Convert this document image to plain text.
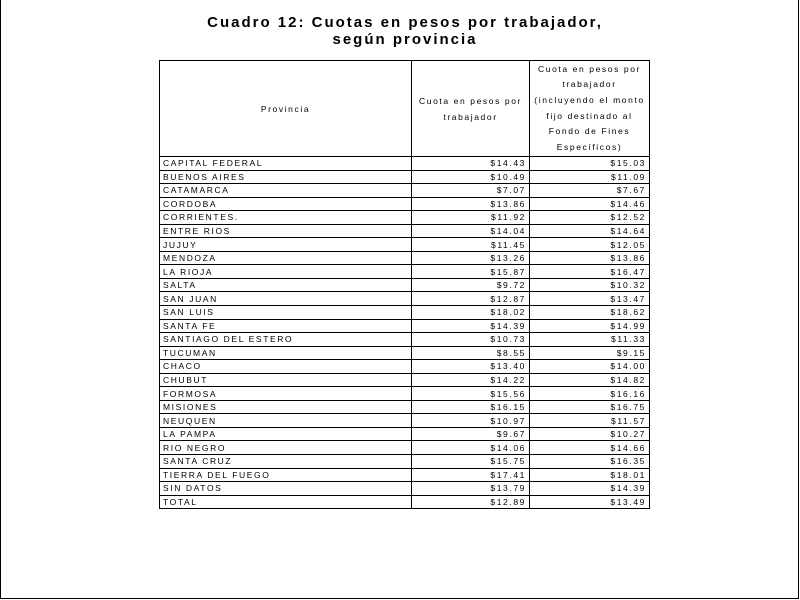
Cuadro 12: Cuotas en pesos por trabajador,
según provincia
Provincia	Cuota en pesos por trabajador	Cuota en pesos por trabajador (incluyendo el monto fijo destinado al Fondo de Fines Específicos)
CAPITAL FEDERAL	$14.43	$15.03
BUENOS AIRES	$10.49	$11.09
CATAMARCA	$7.07	$7.67
CORDOBA	$13.86	$14.46
CORRIENTES.	$11.92	$12.52
ENTRE RIOS	$14.04	$14.64
JUJUY	$11.45	$12.05
MENDOZA	$13.26	$13.86
LA RIOJA	$15.87	$16.47
SALTA	$9.72	$10.32
SAN JUAN	$12.87	$13.47
SAN LUIS	$18.02	$18.62
SANTA FE	$14.39	$14.99
SANTIAGO DEL ESTERO	$10.73	$11.33
TUCUMAN	$8.55	$9.15
CHACO	$13.40	$14.00
CHUBUT	$14.22	$14.82
FORMOSA	$15.56	$16.16
MISIONES	$16.15	$16.75
NEUQUEN	$10.97	$11.57
LA PAMPA	$9.67	$10.27
RIO NEGRO	$14.06	$14.66
SANTA CRUZ	$15.75	$16.35
TIERRA DEL FUEGO	$17.41	$18.01
SIN DATOS	$13.79	$14.39
TOTAL	$12.89	$13.49
